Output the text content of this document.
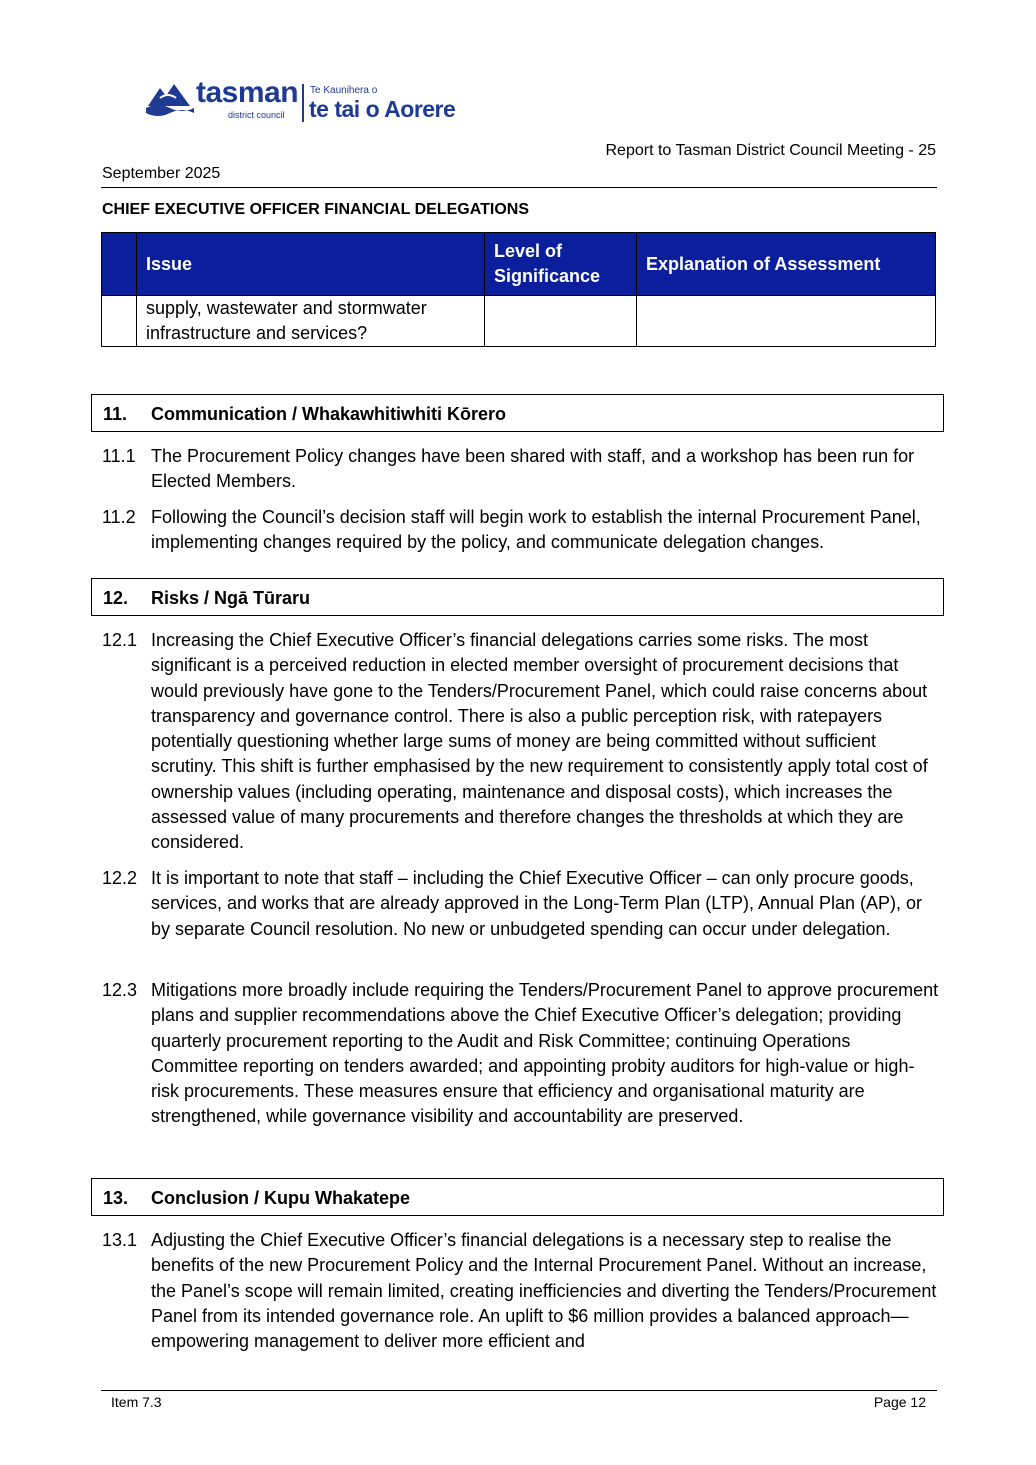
tasman
district council
Te Kaunihera o
te tai o Aorere
Report to Tasman District Council Meeting - 25
September 2025
CHIEF EXECUTIVE OFFICER FINANCIAL DELEGATIONS
	Issue	Level of Significance	Explanation of Assessment
	supply, wastewater and stormwater infrastructure and services?		
11. Communication / Whakawhitiwhiti Kōrero
11.1 The Procurement Policy changes have been shared with staff, and a workshop has been run for Elected Members.
11.2 Following the Council’s decision staff will begin work to establish the internal Procurement Panel, implementing changes required by the policy, and communicate delegation changes.
12. Risks / Ngā Tūraru
12.1 Increasing the Chief Executive Officer’s financial delegations carries some risks. The most significant is a perceived reduction in elected member oversight of procurement decisions that would previously have gone to the Tenders/Procurement Panel, which could raise concerns about transparency and governance control. There is also a public perception risk, with ratepayers potentially questioning whether large sums of money are being committed without sufficient scrutiny. This shift is further emphasised by the new requirement to consistently apply total cost of ownership values (including operating, maintenance and disposal costs), which increases the assessed value of many procurements and therefore changes the thresholds at which they are considered.
12.2 It is important to note that staff – including the Chief Executive Officer – can only procure goods, services, and works that are already approved in the Long-Term Plan (LTP), Annual Plan (AP), or by separate Council resolution. No new or unbudgeted spending can occur under delegation.
12.3 Mitigations more broadly include requiring the Tenders/Procurement Panel to approve procurement plans and supplier recommendations above the Chief Executive Officer’s delegation; providing quarterly procurement reporting to the Audit and Risk Committee; continuing Operations Committee reporting on tenders awarded; and appointing probity auditors for high-value or high-risk procurements. These measures ensure that efficiency and organisational maturity are strengthened, while governance visibility and accountability are preserved.
13. Conclusion / Kupu Whakatepe
13.1 Adjusting the Chief Executive Officer’s financial delegations is a necessary step to realise the benefits of the new Procurement Policy and the Internal Procurement Panel. Without an increase, the Panel’s scope will remain limited, creating inefficiencies and diverting the Tenders/Procurement Panel from its intended governance role. An uplift to $6 million provides a balanced approach—empowering management to deliver more efficient and
Item 7.3	Page 12
